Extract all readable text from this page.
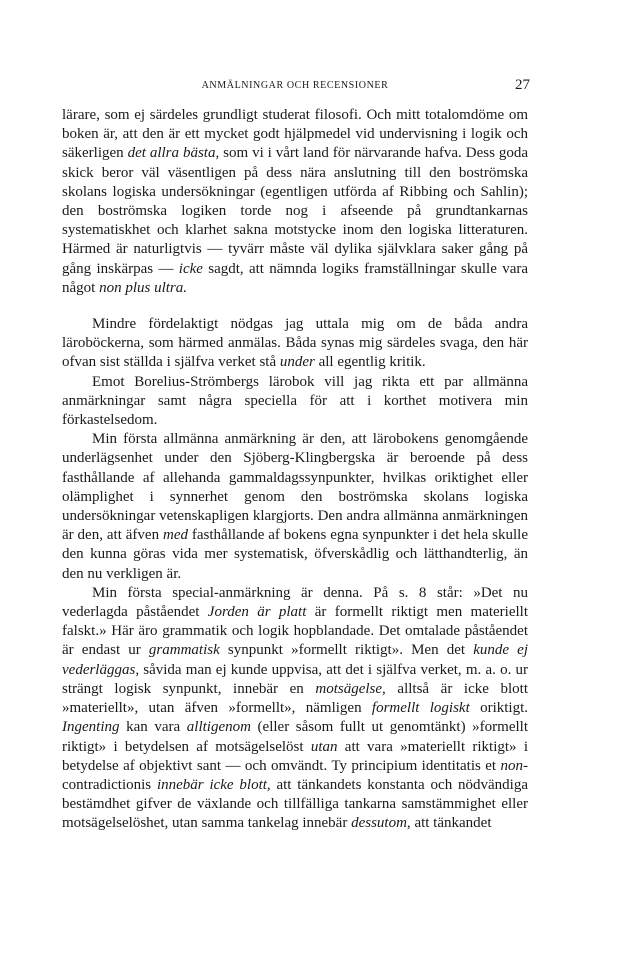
ANMÄLNINGAR OCH RECENSIONER	27

lärare, som ej särdeles grundligt studerat filosofi. Och mitt totalomdöme om boken är, att den är ett mycket godt hjälpmedel vid undervisning i logik och säkerligen det allra bästa, som vi i vårt land för närvarande hafva. Dess goda skick beror väl väsentligen på dess nära anslutning till den boströmska skolans logiska undersökningar (egentligen utförda af Ribbing och Sahlin); den boströmska logiken torde nog i afseende på grundtankarnas systematiskhet och klarhet sakna motstycke inom den logiska litteraturen. Härmed är naturligtvis — tyvärr måste väl dylika självklara saker gång på gång inskärpas — icke sagdt, att nämnda logiks framställningar skulle vara något non plus ultra.

Mindre fördelaktigt nödgas jag uttala mig om de båda andra läroböckerna, som härmed anmälas. Båda synas mig särdeles svaga, den här ofvan sist ställda i själfva verket stå under all egentlig kritik.

Emot Borelius-Strömbergs lärobok vill jag rikta ett par allmänna anmärkningar samt några speciella för att i korthet motivera min förkastelsedom.

Min första allmänna anmärkning är den, att lärobokens genomgående underlägsenhet under den Sjöberg-Klingbergska är beroende på dess fasthållande af allehanda gammaldagssynpunkter, hvilkas oriktighet eller olämplighet i synnerhet genom den boströmska skolans logiska undersökningar vetenskapligen klargjorts. Den andra allmänna anmärkningen är den, att äfven med fasthållande af bokens egna synpunkter i det hela skulle den kunna göras vida mer systematisk, öfverskådlig och lätthandterlig, än den nu verkligen är.

Min första special-anmärkning är denna. På s. 8 står: »Det nu vederlagda påståendet Jorden är platt är formellt riktigt men materiellt falskt.» Här äro grammatik och logik hopblandade. Det omtalade påståendet är endast ur grammatisk synpunkt »formellt riktigt». Men det kunde ej vederläggas, såvida man ej kunde uppvisa, att det i själfva verket, m. a. o. ur strängt logisk synpunkt, innebär en motsägelse, alltså är icke blott »materiellt», utan äfven »formellt», nämligen formellt logiskt oriktigt. Ingenting kan vara alltigenom (eller såsom fullt ut genomtänkt) »formellt riktigt» i betydelsen af motsägelselöst utan att vara »materiellt riktigt» i betydelse af objektivt sant — och omvändt. Ty principium identitatis et non-contradictionis innebär icke blott, att tänkandets konstanta och nödvändiga bestämdhet gifver de växlande och tillfälliga tankarna samstämmighet eller motsägelselöshet, utan samma tankelag innebär dessutom, att tänkandet
